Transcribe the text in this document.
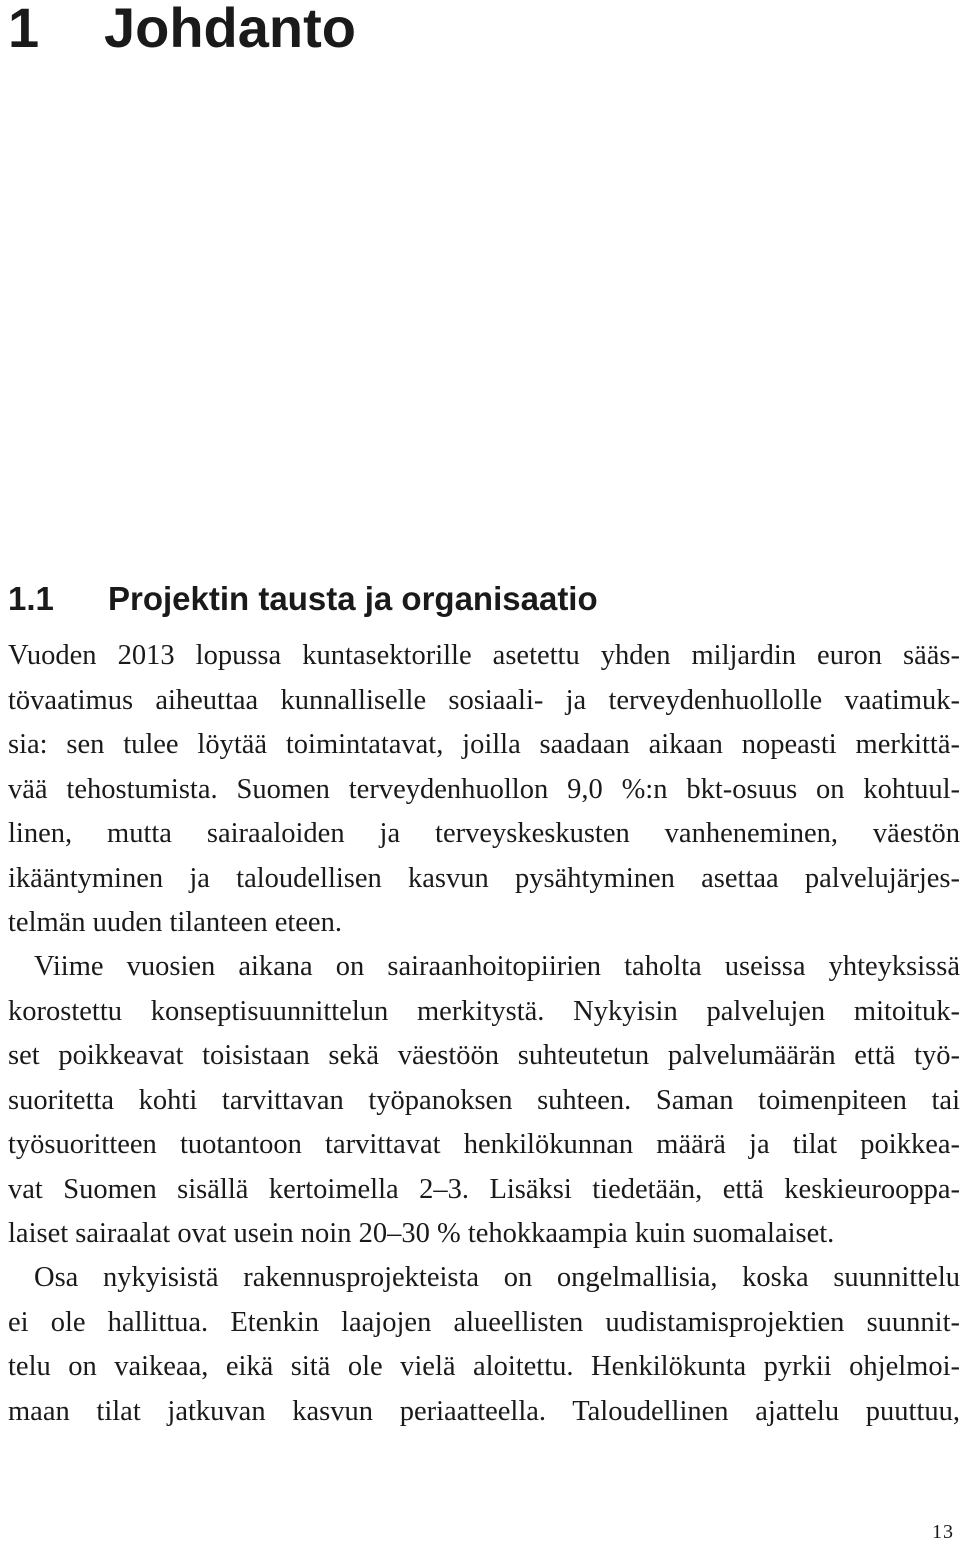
1 Johdanto
1.1 Projektin tausta ja organisaatio
Vuoden 2013 lopussa kuntasektorille asetettu yhden miljardin euron sääs-
tövaatimus aiheuttaa kunnalliselle sosiaali- ja terveydenhuollolle vaatimuk-
sia: sen tulee löytää toimintatavat, joilla saadaan aikaan nopeasti merkittä-
vää tehostumista. Suomen terveydenhuollon 9,0 %:n bkt-osuus on kohtuul-
linen, mutta sairaaloiden ja terveyskeskusten vanheneminen, väestön
ikääntyminen ja taloudellisen kasvun pysähtyminen asettaa palvelujärjes-
telmän uuden tilanteen eteen.
Viime vuosien aikana on sairaanhoitopiirien taholta useissa yhteyksissä
korostettu konseptisuunnittelun merkitystä. Nykyisin palvelujen mitoituk-
set poikkeavat toisistaan sekä väestöön suhteutetun palvelumäärän että työ-
suoritetta kohti tarvittavan työpanoksen suhteen. Saman toimenpiteen tai
työsuoritteen tuotantoon tarvittavat henkilökunnan määrä ja tilat poikkea-
vat Suomen sisällä kertoimella 2–3. Lisäksi tiedetään, että keskieurooppa-
laiset sairaalat ovat usein noin 20–30 % tehokkaampia kuin suomalaiset.
Osa nykyisistä rakennusprojekteista on ongelmallisia, koska suunnittelu
ei ole hallittua. Etenkin laajojen alueellisten uudistamisprojektien suunnit-
telu on vaikeaa, eikä sitä ole vielä aloitettu. Henkilökunta pyrkii ohjelmoi-
maan tilat jatkuvan kasvun periaatteella. Taloudellinen ajattelu puuttuu,
13
